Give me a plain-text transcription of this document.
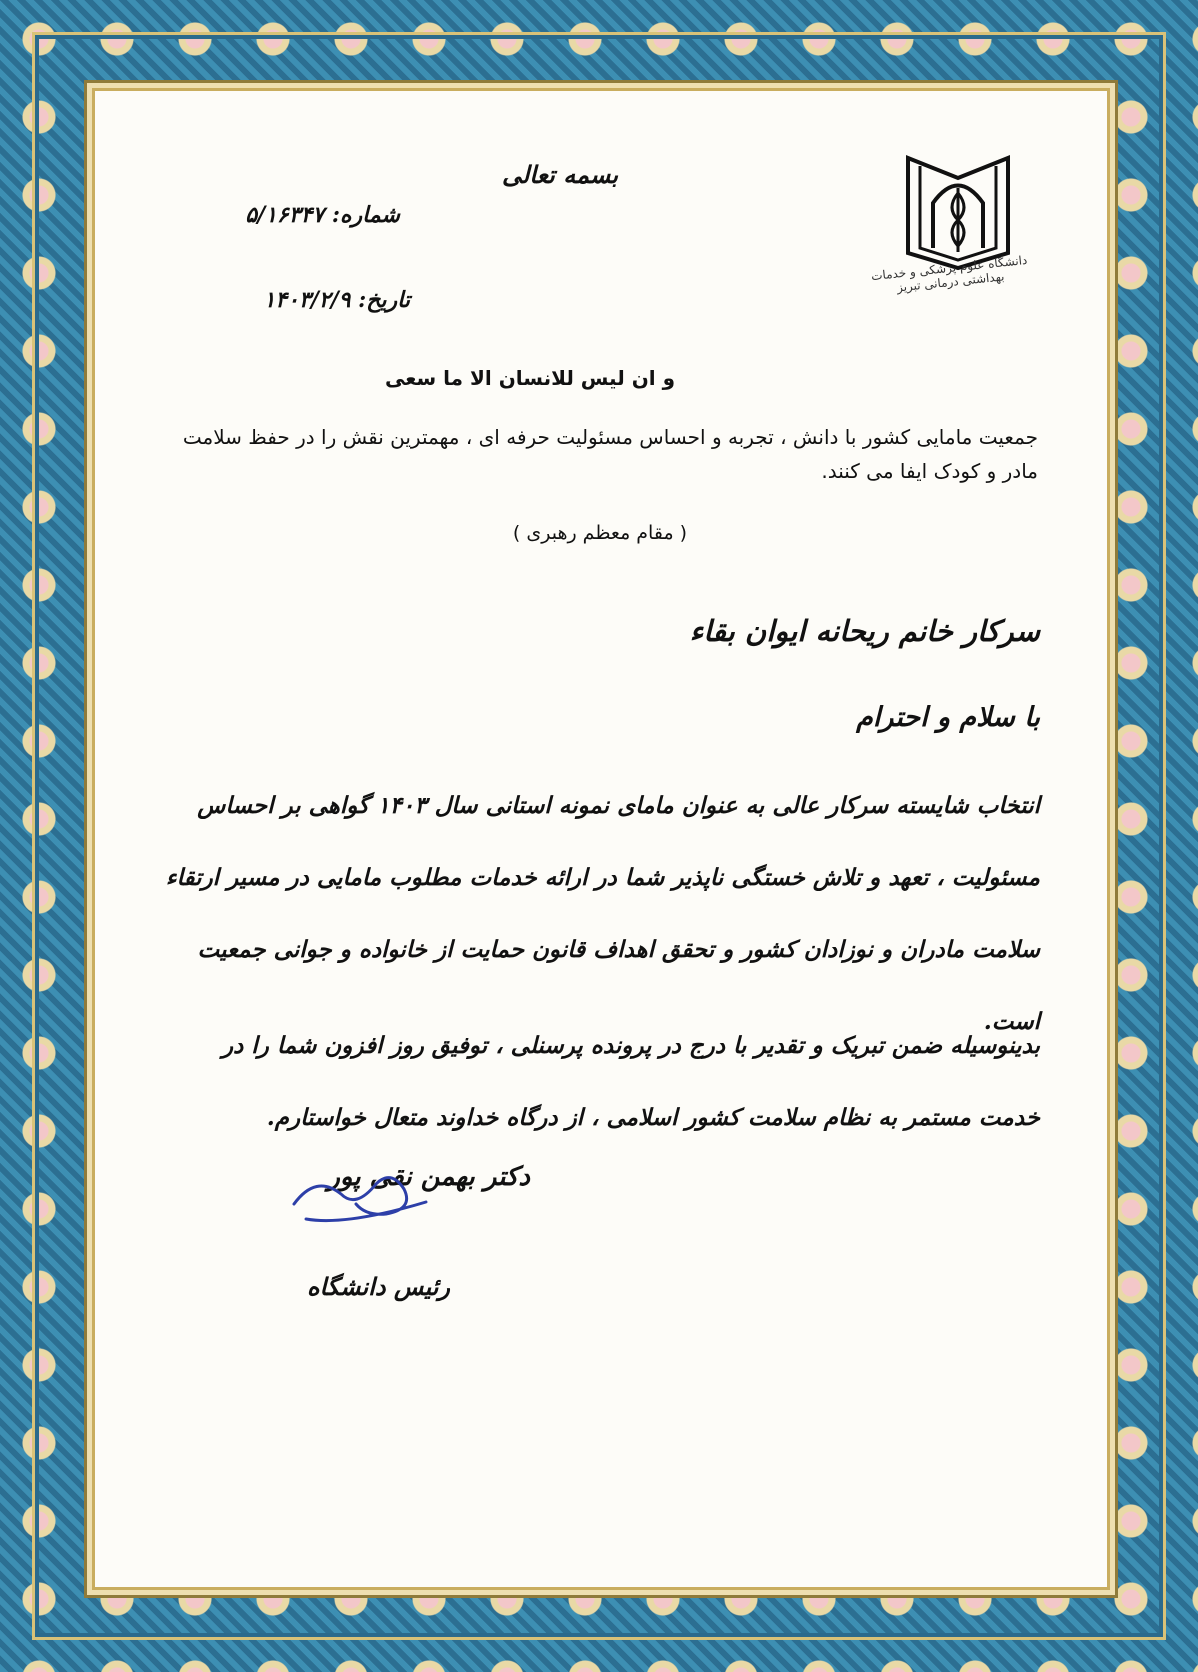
دانشگاه علوم پزشکی و خدمات بهداشتی درمانی تبریز
بسمه تعالی
شماره: ۵/۱۶۳۴۷
تاریخ: ۱۴۰۳/۲/۹
و ان لیس للانسان الا ما سعی
جمعیت مامایی کشور با دانش ، تجربه و احساس مسئولیت حرفه ای ، مهمترین نقش را در حفظ سلامت مادر و کودک ایفا می کنند.
( مقام معظم رهبری )
سرکار خانم ریحانه ایوان بقاء
با سلام و احترام
انتخاب شایسته سرکار عالی به عنوان مامای نمونه استانی سال ۱۴۰۳ گواهی بر احساس مسئولیت ، تعهد و تلاش خستگی ناپذیر شما در ارائه خدمات مطلوب مامایی در مسیر ارتقاء سلامت مادران و نوزادان کشور و تحقق اهداف قانون حمایت از خانواده و جوانی جمعیت است.
بدینوسیله ضمن تبریک و تقدیر با درج در پرونده پرسنلی ، توفیق روز افزون شما را در خدمت مستمر به نظام سلامت کشور اسلامی ، از درگاه خداوند متعال خواستارم.
دکتر بهمن نقی پور
رئیس دانشگاه
